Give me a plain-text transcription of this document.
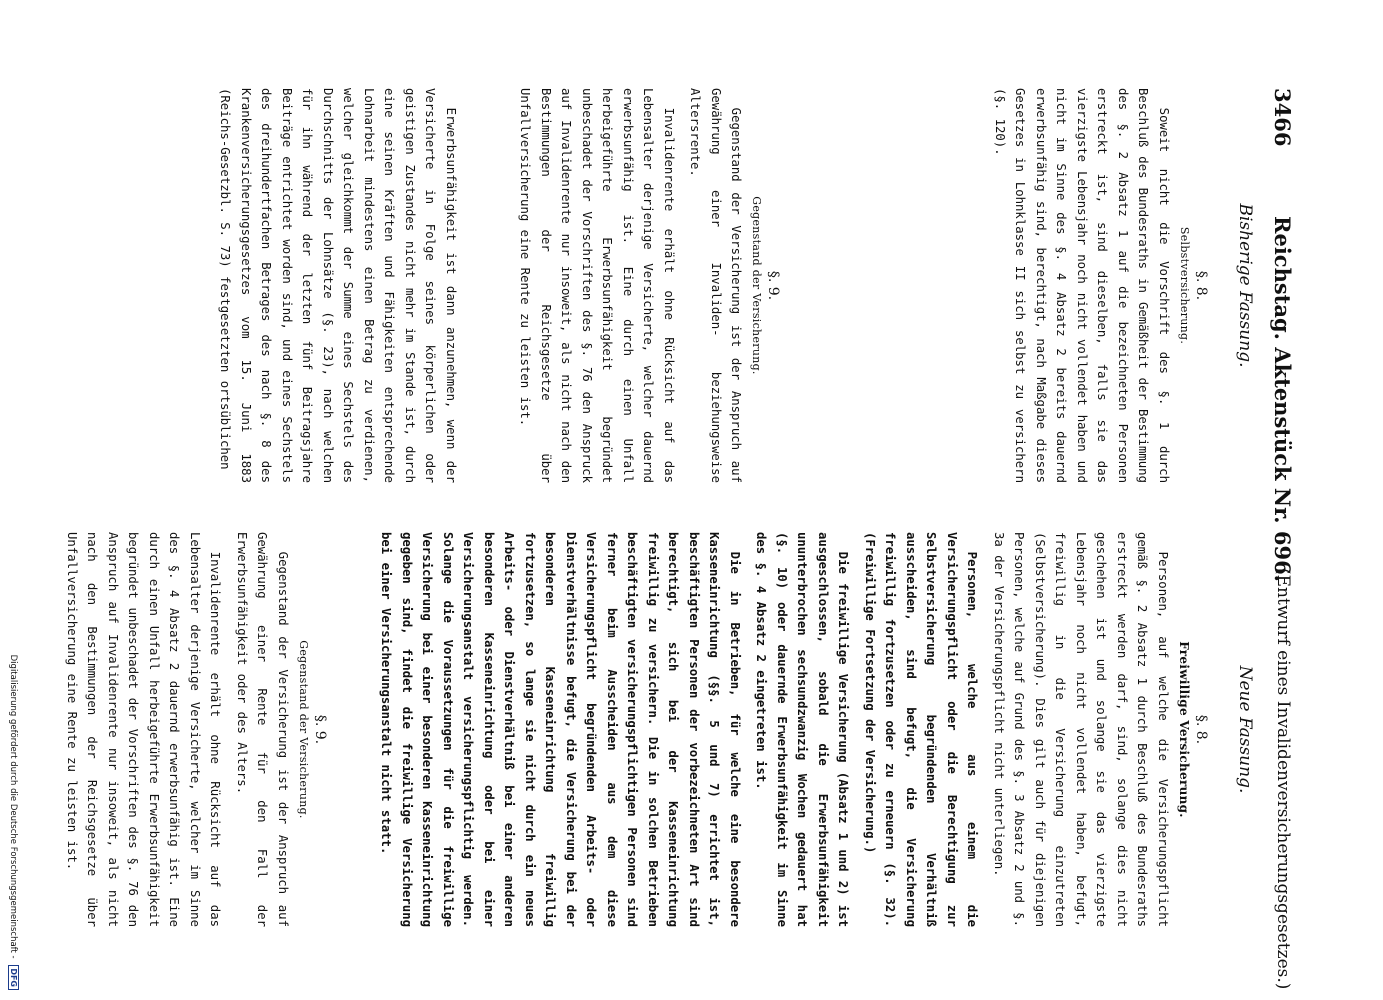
3466
Reichstag. Aktenstück Nr. 696.
(Entwurf eines Invalidenversicherungsgesetzes.)
Bisherige Fassung.
§. 8.
Selbstversicherung.

Soweit nicht die Vorschrift des §. 1 durch Beschluß des Bundesraths in Gemäßheit der Bestimmung des §. 2 Absatz 1 auf die bezeichneten Personen erstreckt ist, sind dieselben, falls sie das vierzigste Lebensjahr noch nicht vollendet haben und nicht im Sinne des §. 4 Absatz 2 bereits dauernd erwerbsunfähig sind, berechtigt, nach Maßgabe dieses Gesetzes in Lohnklasse II sich selbst zu versichern (§. 120).

§. 9.
Gegenstand der Versicherung.

Gegenstand der Versicherung ist der Anspruch auf Gewährung einer Invaliden- beziehungsweise Altersrente.

Invalidenrente erhält ohne Rücksicht auf das Lebensalter derjenige Versicherte, welcher dauernd erwerbsunfähig ist. Eine durch einen Unfall herbeigeführte Erwerbsunfähigkeit begründet unbeschadet der Vorschriften des §. 76 den Anspruck auf Invalidenrente nur insoweit, als nicht nach den Bestimmungen der Reichsgesetze über Unfallversicherung eine Rente zu leisten ist.

Erwerbsunfähigkeit ist dann anzunehmen, wenn der Versicherte in Folge seines körperlichen oder geistigen Zustandes nicht mehr im Stande ist, durch eine seinen Kräften und Fähigkeiten entsprechende Lohnarbeit mindestens einen Betrag zu verdienen, welcher gleichkommt der Summe eines Sechstels des Durchschnitts der Lohnsätze (§. 23), nach welchen für ihn während der letzten fünf Beitragsjahre Beiträge entrichtet worden sind, und eines Sechstels des dreihundertfachen Betrages des nach §. 8 des Krankenversicherungsgesetzes vom 15. Juni 1883 (Reichs-Gesetzbl. S. 73) festgesetzten ortsüblichen

Neue Fassung.
§. 8.
Freiwillige Versicherung.

Personen, auf welche die Versicherungspflicht gemäß §. 2 Absatz 1 durch Beschluß des Bundesraths erstreckt werden darf, sind, solange dies nicht geschehen ist und solange sie das vierzigste Lebensjahr noch nicht vollendet haben, befugt, freiwillig in die Versicherung einzutreten (Selbstversicherung). Dies gilt auch für diejenigen Personen, welche auf Grund des §. 3 Absatz 2 und §. 3a der Versicherungspflicht nicht unterliegen.

Personen, welche aus einem die Versicherungspflicht oder die Berechtigung zur Selbstversicherung begründenden Verhältniß ausscheiden, sind befugt, die Versicherung freiwillig fortzusetzen oder zu erneuern (§. 32). (Freiwillige Fortsetzung der Versicherung.)

Die freiwillige Versicherung (Absatz 1 und 2) ist ausgeschlossen, sobald die Erwerbsunfähigkeit ununterbrochen sechsundzwanzig Wochen gedauert hat (§. 10) oder dauernde Erwerbsunfähigkeit im Sinne des §. 4 Absatz 2 eingetreten ist.

Die in Betrieben, für welche eine besondere Kasseneinrichtung (§§. 5 und 7) errichtet ist, beschäftigten Personen der vorbezeichneten Art sind berechtigt, sich bei der Kasseneinrichtung freiwillig zu versichern. Die in solchen Betrieben beschäftigten versicherungspflichtigen Personen sind ferner beim Ausscheiden aus dem diese Versicherungspflicht begründenden Arbeits- oder Dienstverhältnisse befugt, die Versicherung bei der besonderen Kasseneinrichtung freiwillig fortzusetzen, so lange sie nicht durch ein neues Arbeits- oder Dienstverhältniß bei einer anderen besonderen Kasseneinrichtung oder bei einer Versicherungsanstalt versicherungspflichtig werden. Solange die Voraussetzungen für die freiwillige Versicherung bei einer besonderen Kasseneinrichtung gegeben sind, findet die freiwillige Versicherung bei einer Versicherungsanstalt nicht statt.

§. 9.
Gegenstand der Versicherung.

Gegenstand der Versicherung ist der Anspruch auf Gewährung einer Rente für den Fall der Erwerbsunfähigkeit oder des Alters.

Invalidenrente erhält ohne Rücksicht auf das Lebensalter derjenige Versicherte, welcher im Sinne des §. 4 Absatz 2 dauernd erwerbsunfähig ist. Eine durch einen Unfall herbeigeführte Erwerbsunfähigkeit begründet unbeschadet der Vorschriften des §. 76 den Anspruch auf Invalidenrente nur insoweit, als nicht nach den Bestimmungen der Reichsgesetze über Unfallversicherung eine Rente zu leisten ist.

Digitalisierung gefördert durch die Deutsche Forschungsgemeinschaft - DFG
